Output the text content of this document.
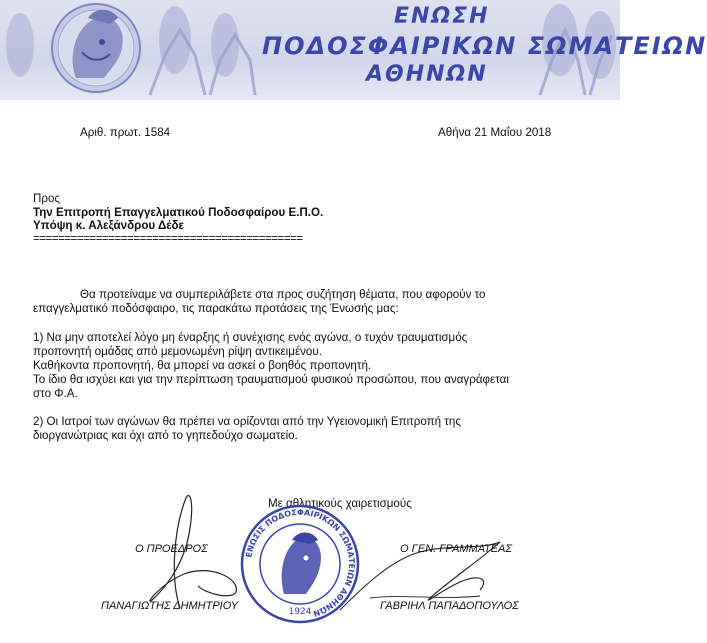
ΕΝΩΣΗ
ΠΟΔΟΣΦΑΙΡΙΚΩΝ ΣΩΜΑΤΕΙΩΝ
ΑΘΗΝΩΝ
Αριθ. πρωτ. 1584	Αθήνα 21 Μαΐου 2018
Προς
Την Επιτροπή Επαγγελματικού Ποδοσφαίρου Ε.Π.Ο.
Υπόψη κ. Αλεξάνδρου Δέδε
===========================================
Θα προτείναμε να συμπεριλάβετε στα προς συζήτηση θέματα, που αφορούν το
επαγγελματικό ποδόσφαιρο, τις παρακάτω προτάσεις της Ένωσής μας:
1) Να μην αποτελεί λόγο μη έναρξης ή συνέχισης ενός αγώνα, ο τυχόν τραυματισμός
προπονητή ομάδας από μεμονωμένη ρίψη αντικειμένου.
Καθήκοντα προπονητή, θα μπορεί να ασκεί ο βοηθός προπονητή.
Το ίδιο θα ισχύει και για την περίπτωση τραυματισμού φυσικού προσώπου, που αναγράφεται
στο Φ.Α.
2) Οι Ιατροί των αγώνων θα πρέπει να ορίζονται από την Υγειονομική Επιτροπή της
διοργανώτριας και όχι από το γηπεδούχο σωματείο.
Με αθλητικούς χαιρετισμούς
ΕΝΩΣΙΣ ΠΟΔΟΣΦΑΙΡΙΚΩΝ ΣΩΜΑΤΕΙΩΝ ΑΘΗΝΩΝ
1924
Ο ΠΡΟΕΔΡΟΣ	Ο ΓΕΝ. ΓΡΑΜΜΑΤΕΑΣ
ΠΑΝΑΓΙΩΤΗΣ ΔΗΜΗΤΡΙΟΥ	ΓΑΒΡΙΗΛ ΠΑΠΑΔΟΠΟΥΛΟΣ
